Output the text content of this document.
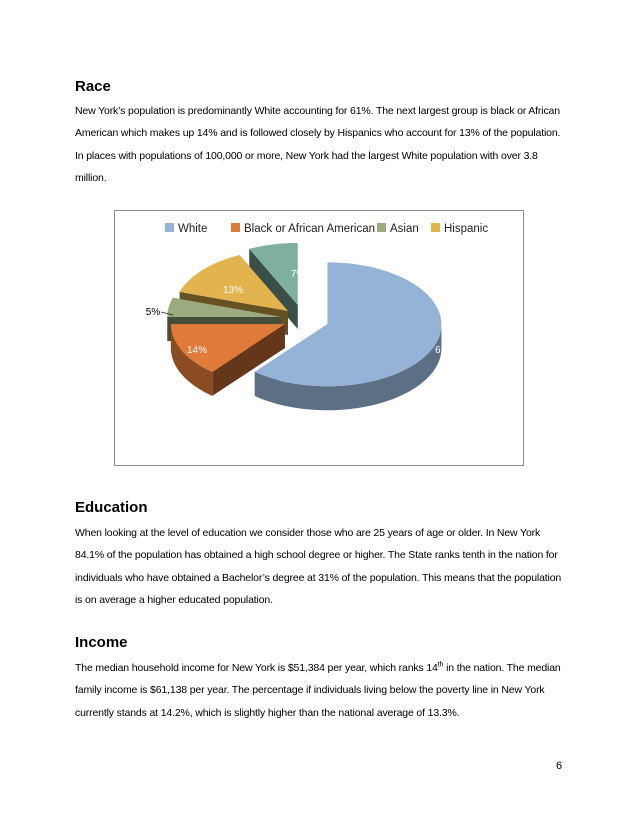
Race

New York’s population is predominantly White accounting for 61%. The next largest group is black or African American which makes up 14% and is followed closely by Hispanics who account for 13% of the population. In places with populations of 100,000 or more, New York had the largest White population with over 3.8 million.

White	Black or African American Asian Hispanic
61%
14%
5%
13%
7%
Education

When looking at the level of education we consider those who are 25 years of age or older. In New York 84.1% of the population has obtained a high school degree or higher. The State ranks tenth in the nation for individuals who have obtained a Bachelor’s degree at 31% of the population. This means that the population is on average a higher educated population.

Income

The median household income for New York is $51,384 per year, which ranks 14th in the nation. The median family income is $61,138 per year. The percentage if individuals living below the poverty line in New York currently stands at 14.2%, which is slightly higher than the national average of 13.3%.

6
